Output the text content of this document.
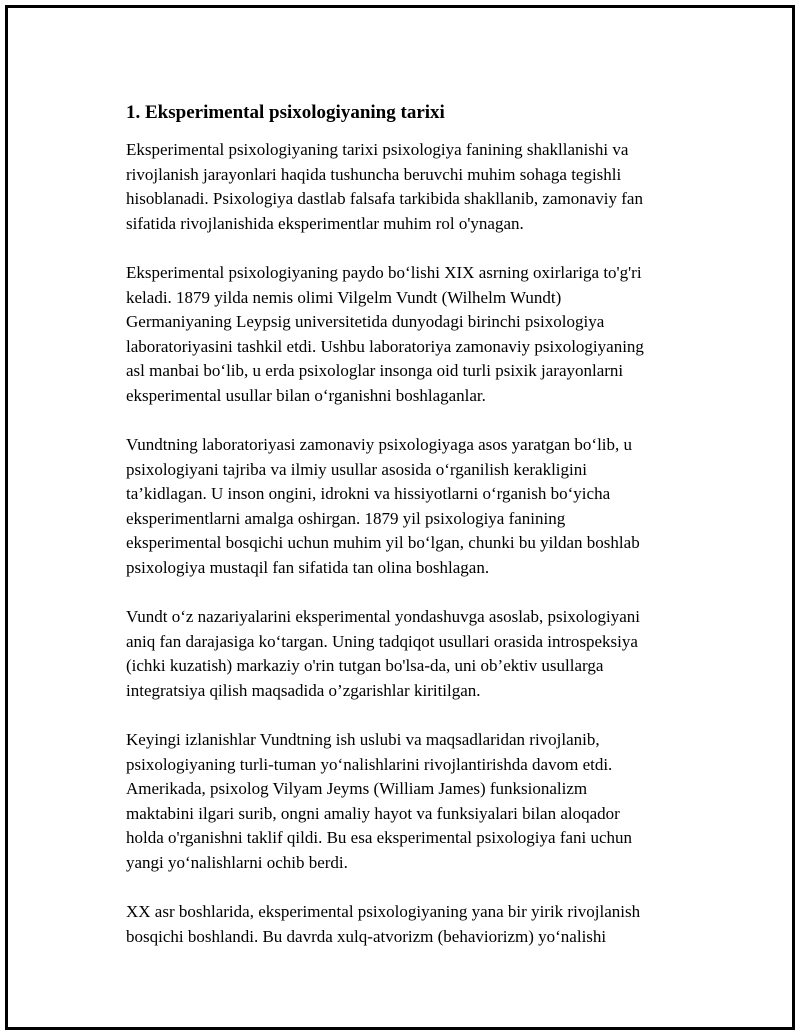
1. Eksperimental psixologiyaning tarixi

Eksperimental psixologiyaning tarixi psixologiya fanining shakllanishi va
rivojlanish jarayonlari haqida tushuncha beruvchi muhim sohaga tegishli
hisoblanadi. Psixologiya dastlab falsafa tarkibida shakllanib, zamonaviy fan
sifatida rivojlanishida eksperimentlar muhim rol o'ynagan.

Eksperimental psixologiyaning paydo bo‘lishi XIX asrning oxirlariga to'g'ri
keladi. 1879 yilda nemis olimi Vilgelm Vundt (Wilhelm Wundt)
Germaniyaning Leypsig universitetida dunyodagi birinchi psixologiya
laboratoriyasini tashkil etdi. Ushbu laboratoriya zamonaviy psixologiyaning
asl manbai bo‘lib, u erda psixologlar insonga oid turli psixik jarayonlarni
eksperimental usullar bilan o‘rganishni boshlaganlar.

Vundtning laboratoriyasi zamonaviy psixologiyaga asos yaratgan bo‘lib, u
psixologiyani tajriba va ilmiy usullar asosida o‘rganilish kerakligini
ta’kidlagan. U inson ongini, idrokni va hissiyotlarni o‘rganish bo‘yicha
eksperimentlarni amalga oshirgan. 1879 yil psixologiya fanining
eksperimental bosqichi uchun muhim yil bo‘lgan, chunki bu yildan boshlab
psixologiya mustaqil fan sifatida tan olina boshlagan.

Vundt o‘z nazariyalarini eksperimental yondashuvga asoslab, psixologiyani
aniq fan darajasiga ko‘targan. Uning tadqiqot usullari orasida introspeksiya
(ichki kuzatish) markaziy o'rin tutgan bo'lsa-da, uni ob’ektiv usullarga
integratsiya qilish maqsadida o’zgarishlar kiritilgan.

Keyingi izlanishlar Vundtning ish uslubi va maqsadlaridan rivojlanib,
psixologiyaning turli-tuman yo‘nalishlarini rivojlantirishda davom etdi.
Amerikada, psixolog Vilyam Jeyms (William James) funksionalizm
maktabini ilgari surib, ongni amaliy hayot va funksiyalari bilan aloqador
holda o'rganishni taklif qildi. Bu esa eksperimental psixologiya fani uchun
yangi yo‘nalishlarni ochib berdi.

XX asr boshlarida, eksperimental psixologiyaning yana bir yirik rivojlanish
bosqichi boshlandi. Bu davrda xulq-atvorizm (behaviorizm) yo‘nalishi
